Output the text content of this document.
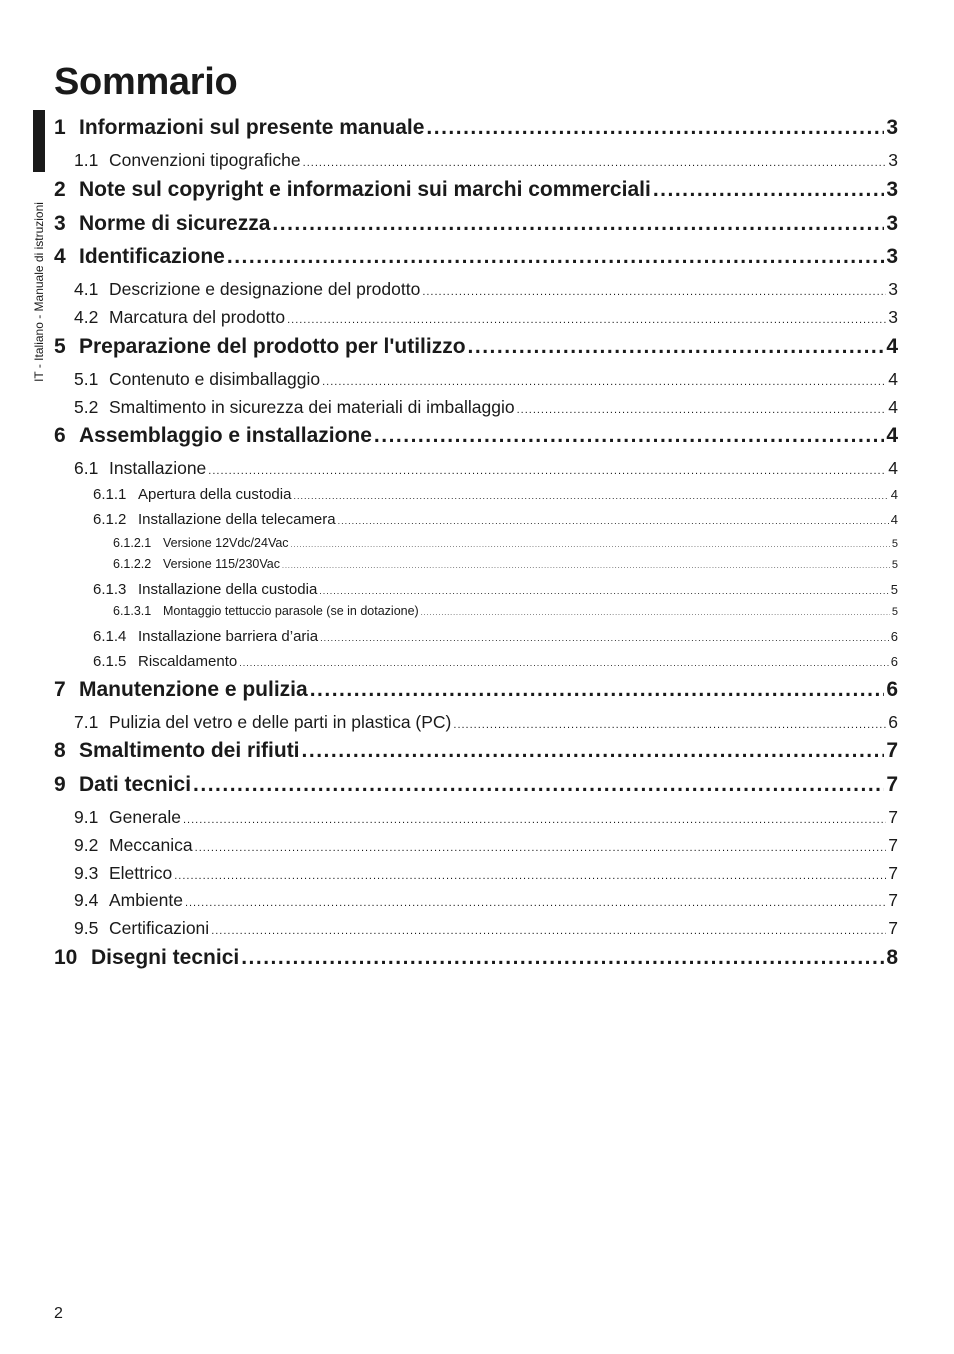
Sommario
IT - Italiano - Manuale di istruzioni
1 Informazioni sul presente manuale .....	3
1.1 Convenzioni tipografiche .....	3
2 Note sul copyright e informazioni sui marchi commerciali .....	3
3 Norme di sicurezza .....	3
4 Identificazione .....	3
4.1 Descrizione e designazione del prodotto .....	3
4.2 Marcatura del prodotto .....	3
5 Preparazione del prodotto per l'utilizzo .....	4
5.1 Contenuto e disimballaggio .....	4
5.2 Smaltimento in sicurezza dei materiali di imballaggio .....	4
6 Assemblaggio e installazione .....	4
6.1 Installazione .....	4
6.1.1 Apertura della custodia .....	4
6.1.2 Installazione della telecamera .....	4
6.1.2.1 Versione 12Vdc/24Vac .....	5
6.1.2.2 Versione 115/230Vac .....	5
6.1.3 Installazione della custodia .....	5
6.1.3.1 Montaggio tettuccio parasole (se in dotazione) .....	5
6.1.4 Installazione barriera d’aria .....	6
6.1.5 Riscaldamento .....	6
7 Manutenzione e pulizia .....	6
7.1 Pulizia del vetro e delle parti in plastica (PC) .....	6
8 Smaltimento dei rifiuti .....	7
9 Dati tecnici .....	7
9.1 Generale .....	7
9.2 Meccanica .....	7
9.3 Elettrico .....	7
9.4 Ambiente .....	7
9.5 Certificazioni .....	7
10 Disegni tecnici .....	8
2
